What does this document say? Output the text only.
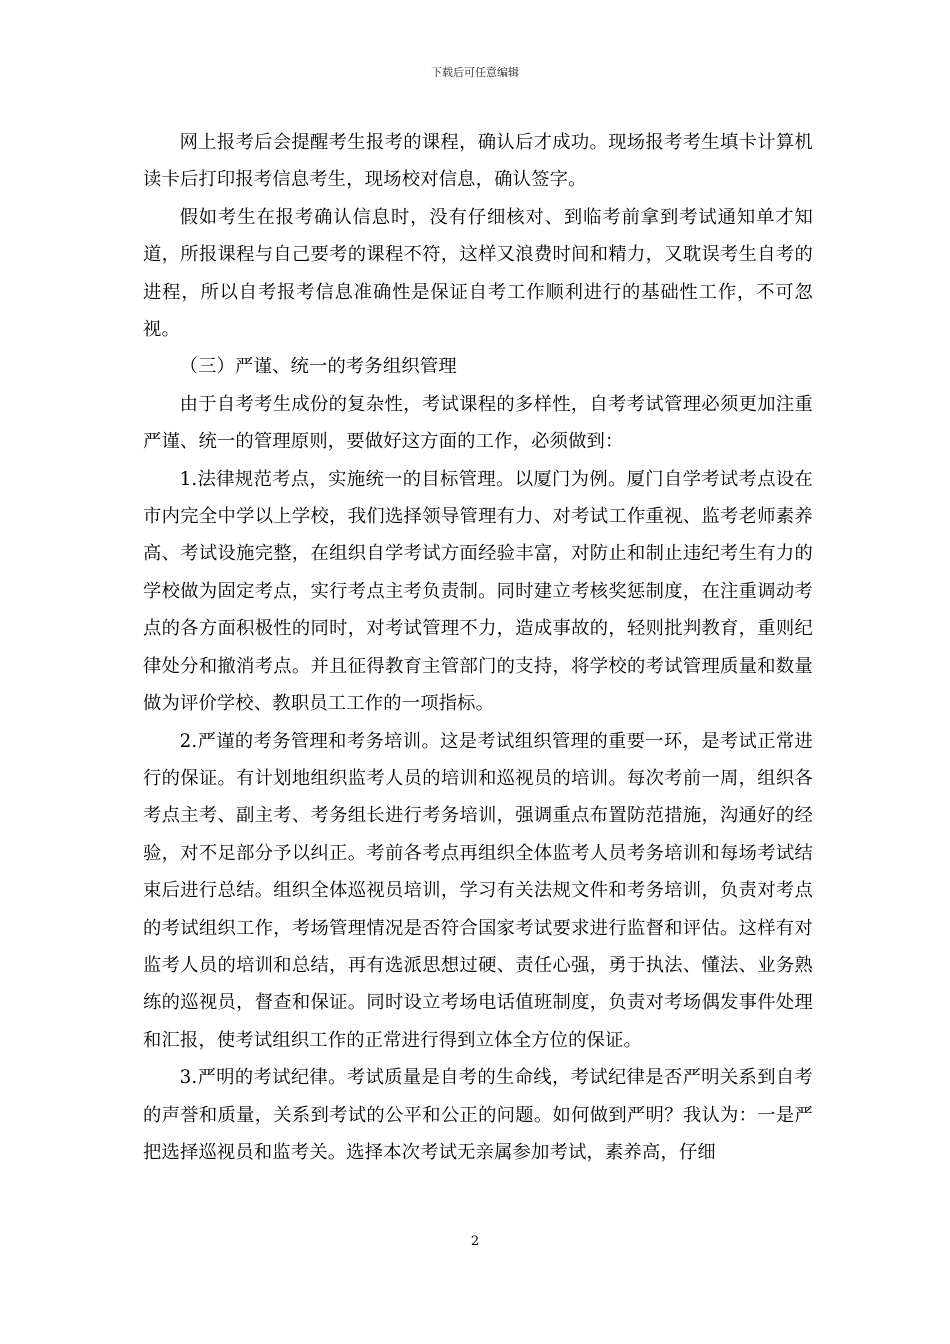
下载后可任意编辑

网上报考后会提醒考生报考的课程，确认后才成功。现场报考考生填卡计算机读卡后打印报考信息考生，现场校对信息，确认签字。

假如考生在报考确认信息时，没有仔细核对、到临考前拿到考试通知单才知道，所报课程与自己要考的课程不符，这样又浪费时间和精力，又耽误考生自考的进程，所以自考报考信息准确性是保证自考工作顺利进行的基础性工作，不可忽视。

（三）严谨、统一的考务组织管理

由于自考考生成份的复杂性，考试课程的多样性，自考考试管理必须更加注重严谨、统一的管理原则，要做好这方面的工作，必须做到：

1.法律规范考点，实施统一的目标管理。以厦门为例。厦门自学考试考点设在市内完全中学以上学校，我们选择领导管理有力、对考试工作重视、监考老师素养高、考试设施完整，在组织自学考试方面经验丰富，对防止和制止违纪考生有力的学校做为固定考点，实行考点主考负责制。同时建立考核奖惩制度，在注重调动考点的各方面积极性的同时，对考试管理不力，造成事故的，轻则批判教育，重则纪律处分和撤消考点。并且征得教育主管部门的支持，将学校的考试管理质量和数量做为评价学校、教职员工工作的一项指标。

2.严谨的考务管理和考务培训。这是考试组织管理的重要一环，是考试正常进行的保证。有计划地组织监考人员的培训和巡视员的培训。每次考前一周，组织各考点主考、副主考、考务组长进行考务培训，强调重点布置防范措施，沟通好的经验，对不足部分予以纠正。考前各考点再组织全体监考人员考务培训和每场考试结束后进行总结。组织全体巡视员培训，学习有关法规文件和考务培训，负责对考点的考试组织工作，考场管理情况是否符合国家考试要求进行监督和评估。这样有对监考人员的培训和总结，再有选派思想过硬、责任心强，勇于执法、懂法、业务熟练的巡视员，督查和保证。同时设立考场电话值班制度，负责对考场偶发事件处理和汇报，使考试组织工作的正常进行得到立体全方位的保证。

3.严明的考试纪律。考试质量是自考的生命线，考试纪律是否严明关系到自考的声誉和质量，关系到考试的公平和公正的问题。如何做到严明？我认为：一是严把选择巡视员和监考关。选择本次考试无亲属参加考试，素养高，仔细

2
